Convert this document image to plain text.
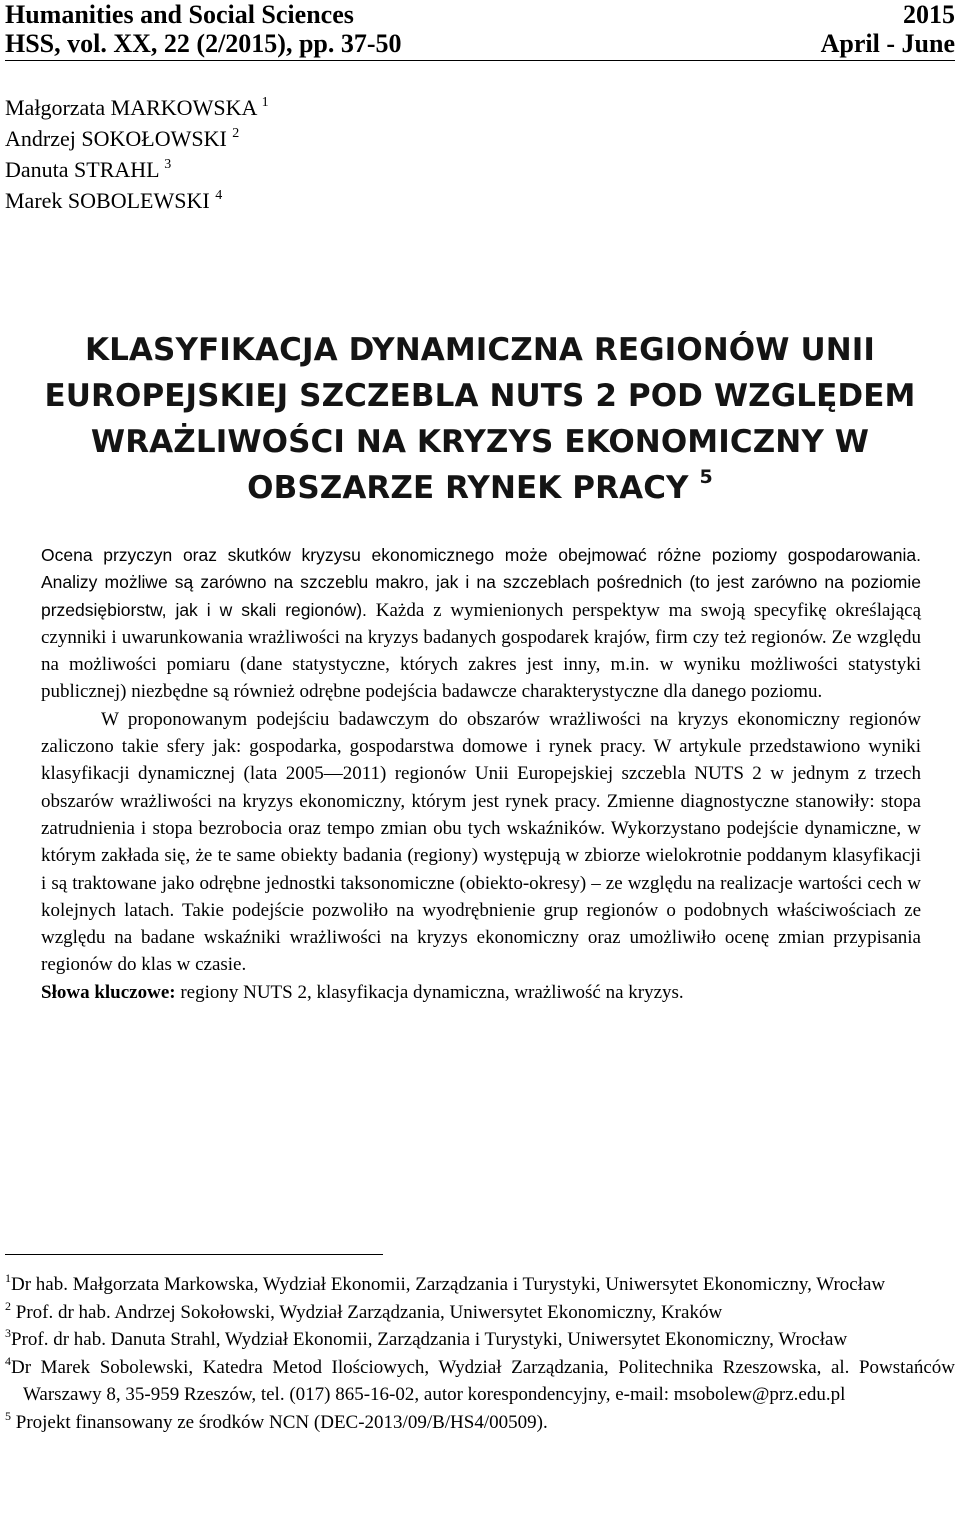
Humanities and Social Sciences	2015
HSS, vol. XX, 22 (2/2015), pp. 37-50	April - June
Małgorzata MARKOWSKA $^1$
Andrzej SOKOŁOWSKI $^2$
Danuta STRAHL $^3$
Marek SOBOLEWSKI $^4$
KLASYFIKACJA DYNAMICZNA REGIONÓW UNII
EUROPEJSKIEJ SZCZEBLA NUTS 2 POD WZGLĘDEM
WRAŻLIWOŚCI NA KRYZYS EKONOMICZNY W
OBSZARZE RYNEK PRACY $^5$

Ocena przyczyn oraz skutków kryzysu ekonomicznego może obejmować różne poziomy gospodarowania. Analizy możliwe są zarówno na szczeblu makro, jak i na szczeblach pośrednich (to jest zarówno na poziomie przedsiębiorstw, jak i w skali regionów). Każda z wymienionych perspektyw ma swoją specyfikę określającą czynniki i uwarunkowania wrażliwości na kryzys badanych gospodarek krajów, firm czy też regionów. Ze względu na możliwości pomiaru (dane statystyczne, których zakres jest inny, m.in. w wyniku możliwości statystyki publicznej) niezbędne są również odrębne podejścia badawcze charakterystyczne dla danego poziomu.

W proponowanym podejściu badawczym do obszarów wrażliwości na kryzys ekonomiczny regionów zaliczono takie sfery jak: gospodarka, gospodarstwa domowe i rynek pracy. W artykule przedstawiono wyniki klasyfikacji dynamicznej (lata 2005—2011) regionów Unii Europejskiej szczebla NUTS 2 w jednym z trzech obszarów wrażliwości na kryzys ekonomiczny, którym jest rynek pracy. Zmienne diagnostyczne stanowiły: stopa zatrudnienia i stopa bezrobocia oraz tempo zmian obu tych wskaźników. Wykorzystano podejście dynamiczne, w którym zakłada się, że te same obiekty badania (regiony) występują w zbiorze wielokrotnie poddanym klasyfikacji i są traktowane jako odrębne jednostki taksonomiczne (obiekto-okresy) – ze względu na realizacje wartości cech w kolejnych latach. Takie podejście pozwoliło na wyodrębnienie grup regionów o podobnych właściwościach ze względu na badane wskaźniki wrażliwości na kryzys ekonomiczny oraz umożliwiło ocenę zmian przypisania regionów do klas w czasie.

Słowa kluczowe: regiony NUTS 2, klasyfikacja dynamiczna, wrażliwość na kryzys.

$^1$Dr hab. Małgorzata Markowska, Wydział Ekonomii, Zarządzania i Turystyki, Uniwersytet Ekonomiczny, Wrocław

$^2$ Prof. dr hab. Andrzej Sokołowski, Wydział Zarządzania, Uniwersytet Ekonomiczny, Kraków

$^3$Prof. dr hab. Danuta Strahl, Wydział Ekonomii, Zarządzania i Turystyki, Uniwersytet Ekonomiczny, Wrocław

$^4$Dr Marek Sobolewski, Katedra Metod Ilościowych, Wydział Zarządzania, Politechnika Rzeszowska, al. Powstańców Warszawy 8, 35-959 Rzeszów, tel. (017) 865-16-02, autor korespondencyjny, e-mail: msobolew@prz.edu.pl

$^5$ Projekt finansowany ze środków NCN (DEC-2013/09/B/HS4/00509).
